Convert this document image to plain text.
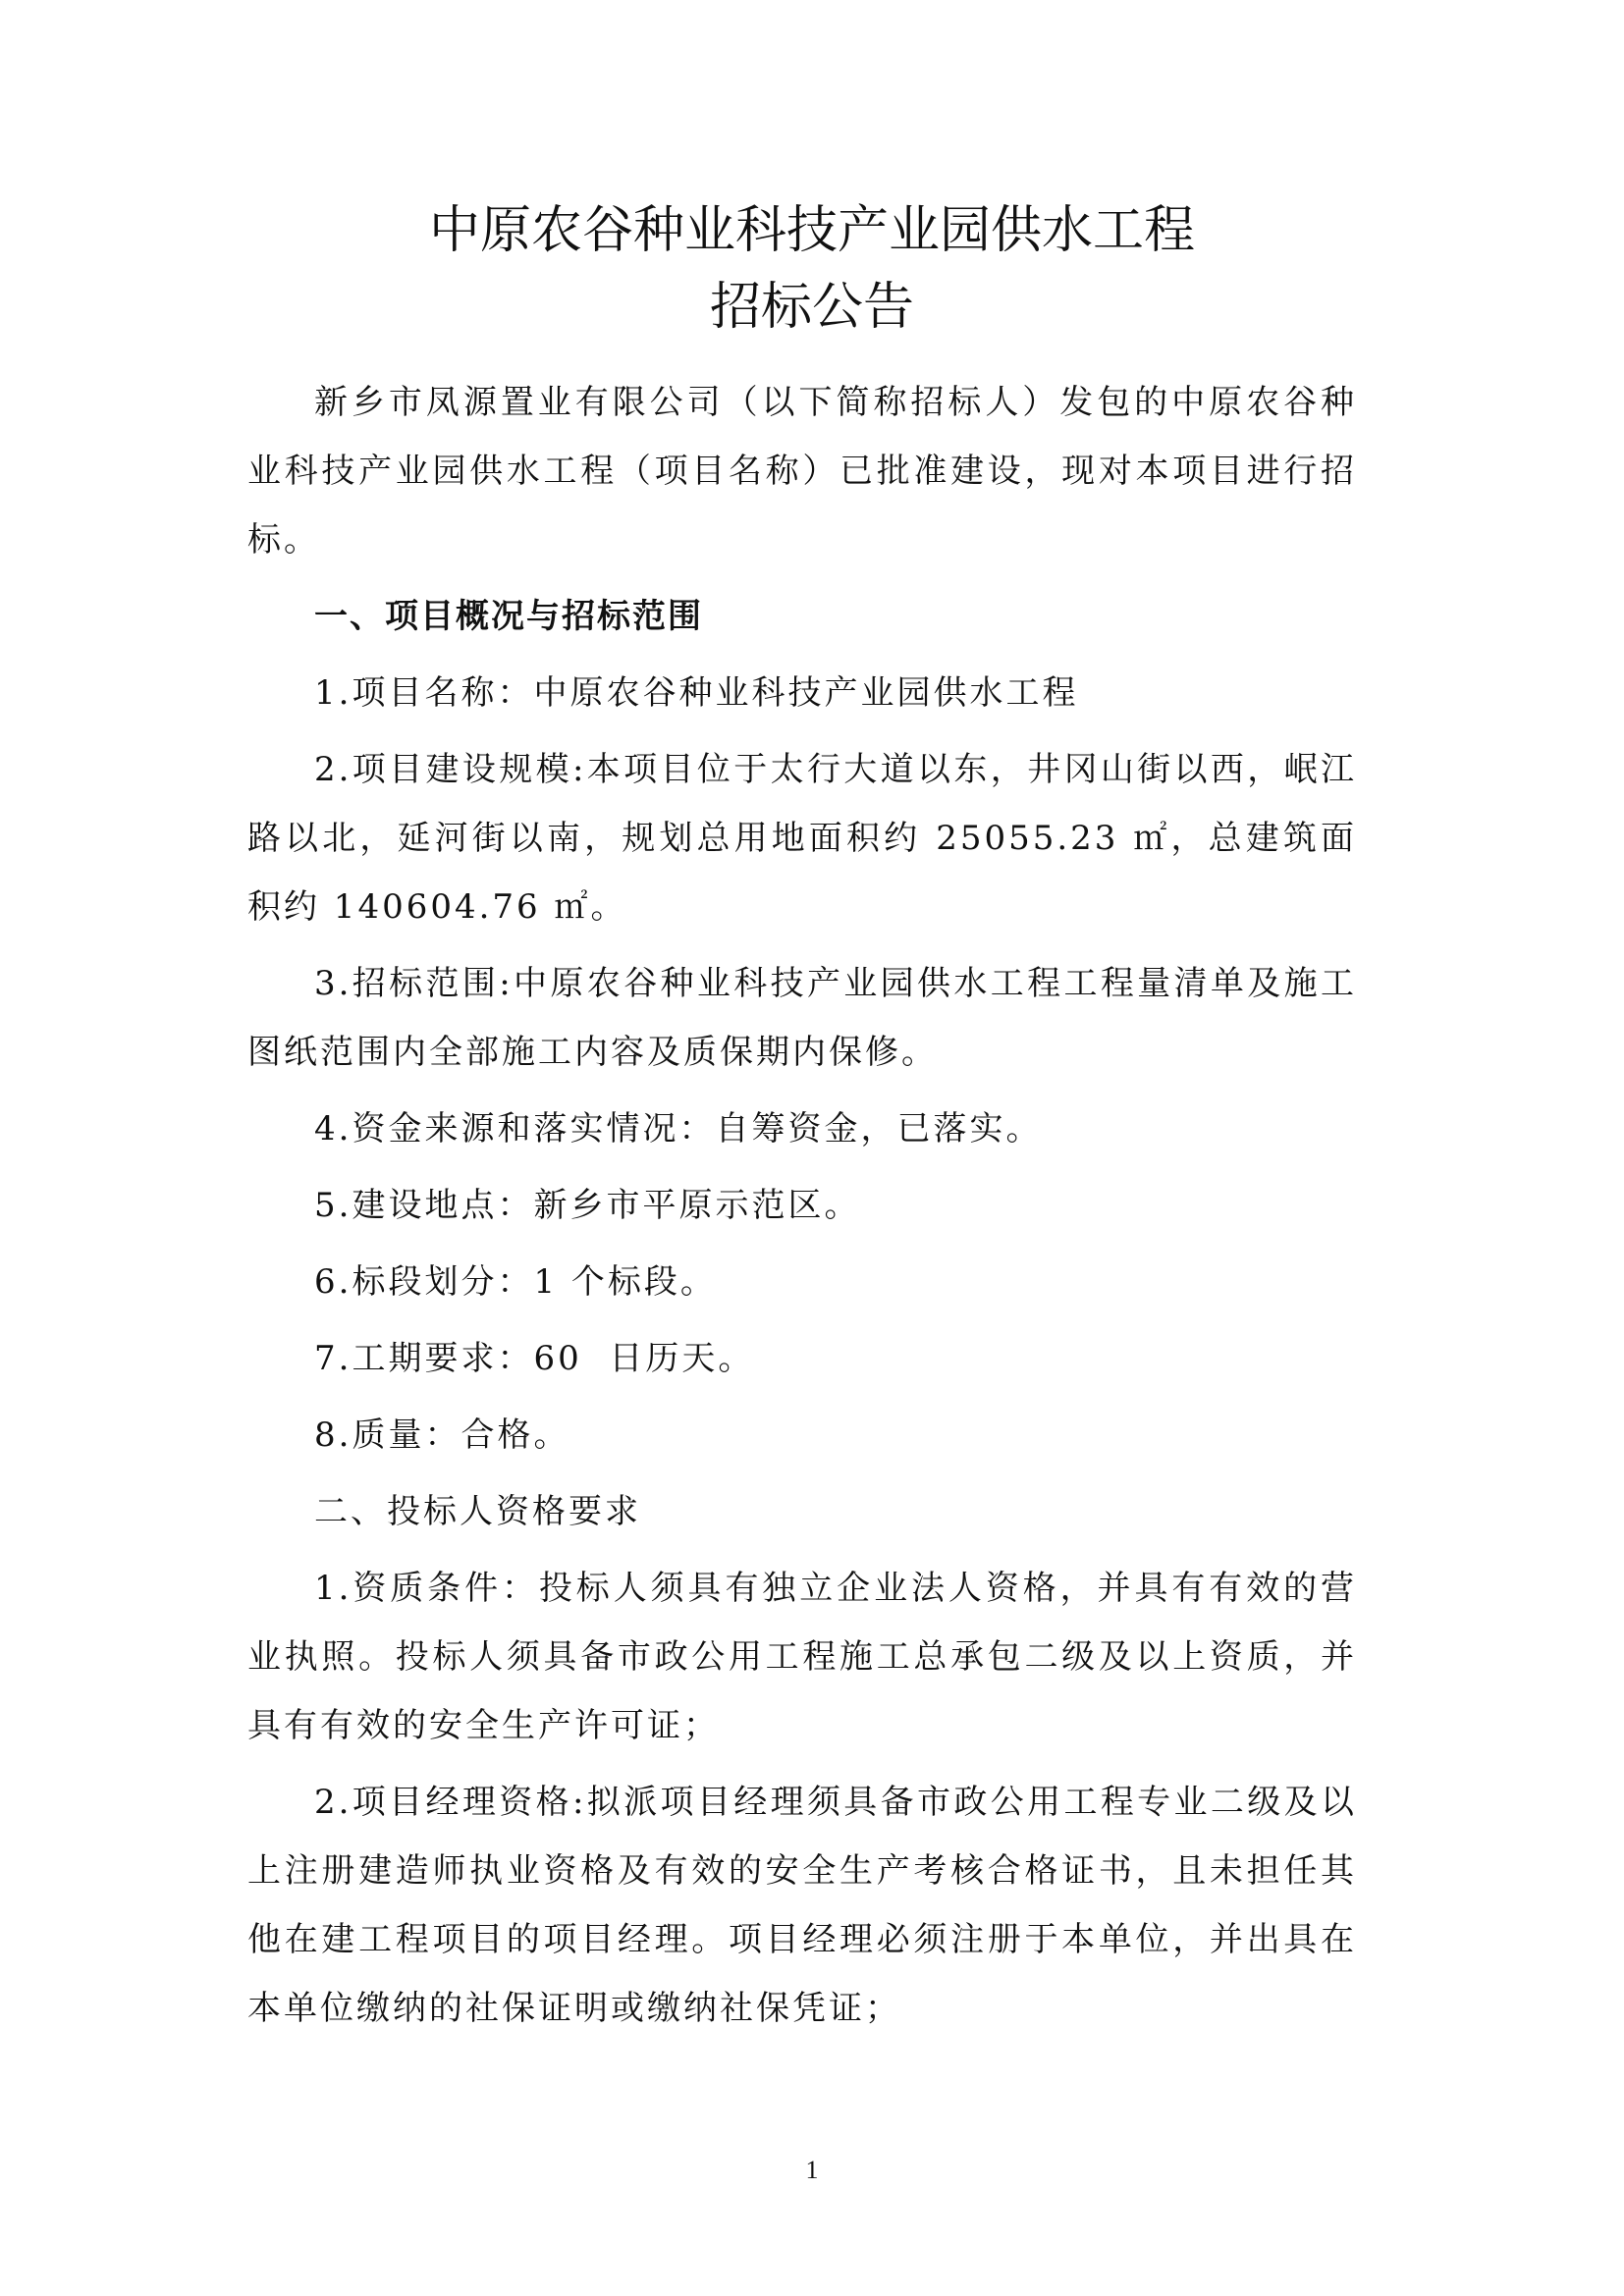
中原农谷种业科技产业园供水工程
招标公告

新乡市凤源置业有限公司（以下简称招标人）发包的中原农谷种业科技产业园供水工程（项目名称）已批准建设，现对本项目进行招标。

一、项目概况与招标范围

1.项目名称：中原农谷种业科技产业园供水工程

2.项目建设规模:本项目位于太行大道以东，井冈山街以西，岷江路以北，延河街以南，规划总用地面积约 25055.23 ㎡，总建筑面积约 140604.76 ㎡。

3.招标范围:中原农谷种业科技产业园供水工程工程量清单及施工图纸范围内全部施工内容及质保期内保修。

4.资金来源和落实情况：自筹资金，已落实。

5.建设地点：新乡市平原示范区。

6.标段划分：1 个标段。

7.工期要求：60  日历天。

8.质量：合格。

二、投标人资格要求

1.资质条件：投标人须具有独立企业法人资格，并具有有效的营业执照。投标人须具备市政公用工程施工总承包二级及以上资质，并具有有效的安全生产许可证；

2.项目经理资格:拟派项目经理须具备市政公用工程专业二级及以上注册建造师执业资格及有效的安全生产考核合格证书，且未担任其他在建工程项目的项目经理。项目经理必须注册于本单位，并出具在本单位缴纳的社保证明或缴纳社保凭证；

1
